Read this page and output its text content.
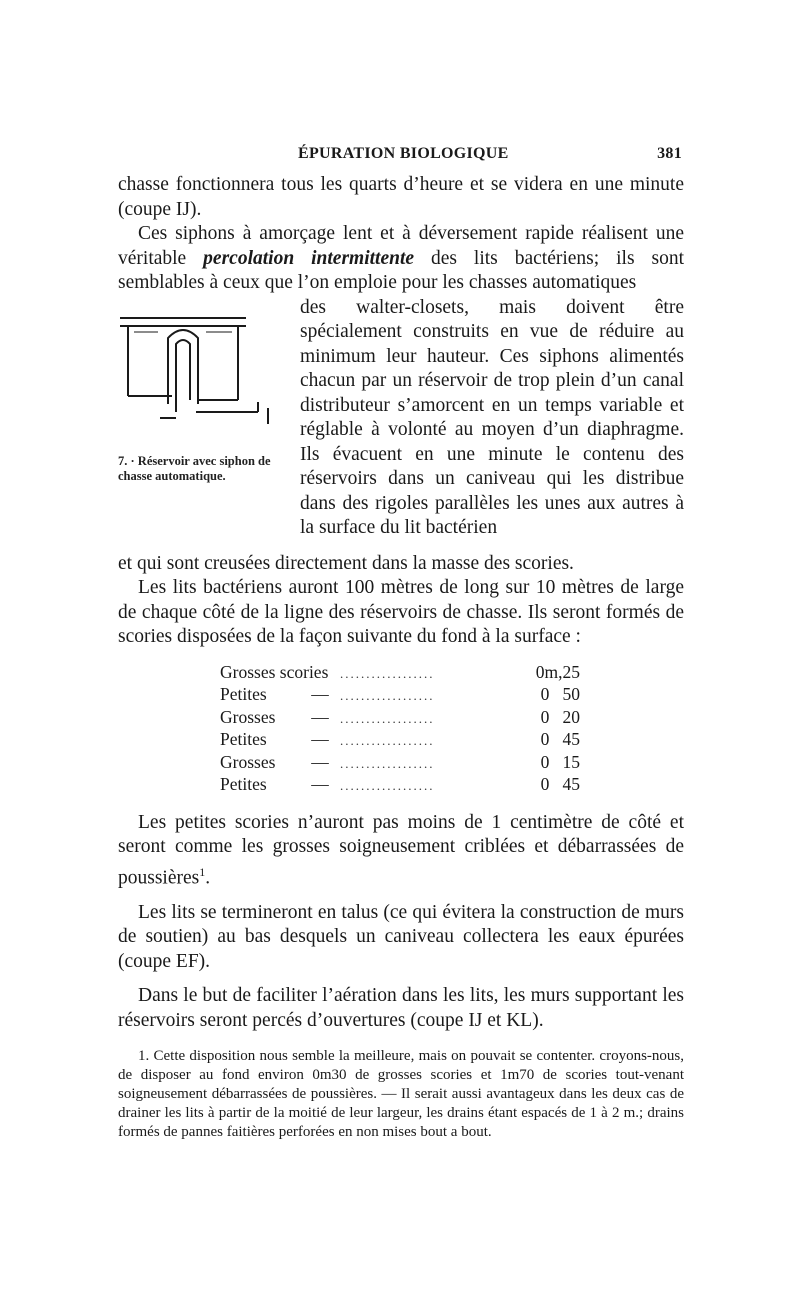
ÉPURATION BIOLOGIQUE	381

chasse fonctionnera tous les quarts d’heure et se videra en une minute (coupe IJ).

Ces siphons à amorçage lent et à déversement rapide réalisent une véritable percolation intermittente des lits bactériens; ils sont semblables à ceux que l’on emploie pour les chasses automatiques

7. · Réservoir avec siphon de chasse automatique.

des walter-closets, mais doivent être spécialement construits en vue de réduire au minimum leur hauteur. Ces siphons alimentés chacun par un réservoir de trop plein d’un canal distributeur s’amorcent en un temps variable et réglable à volonté au moyen d’un diaphragme. Ils évacuent en une minute le contenu des réservoirs dans un caniveau qui les distribue dans des rigoles parallèles les unes aux autres à la surface du lit bactérien

et qui sont creusées directement dans la masse des scories.

Les lits bactériens auront 100 mètres de long sur 10 mètres de large de chaque côté de la ligne des réservoirs de chasse. Ils seront formés de scories disposées de la façon suivante du fond à la surface :

Grosses scories ..................	0m,25
Petites	— ..................	0   50
Grosses	— ..................	0   20
Petites	— ..................	0   45
Grosses	— ..................	0   15
Petites	— ..................	0   45

Les petites scories n’auront pas moins de 1 centimètre de côté et seront comme les grosses soigneusement criblées et débarrassées de poussières$^1$.

Les lits se termineront en talus (ce qui évitera la construction de murs de soutien) au bas desquels un caniveau collectera les eaux épurées (coupe EF).

Dans le but de faciliter l’aération dans les lits, les murs supportant les réservoirs seront percés d’ouvertures (coupe IJ et KL).

1. Cette disposition nous semble la meilleure, mais on pouvait se contenter. croyons-nous, de disposer au fond environ 0m30 de grosses scories et 1m70 de scories tout-venant soigneusement débarrassées de poussières. — Il serait aussi avantageux dans les deux cas de drainer les lits à partir de la moitié de leur largeur, les drains étant espacés de 1 à 2 m.; drains formés de pannes faitières perforées en non mises bout a bout.
